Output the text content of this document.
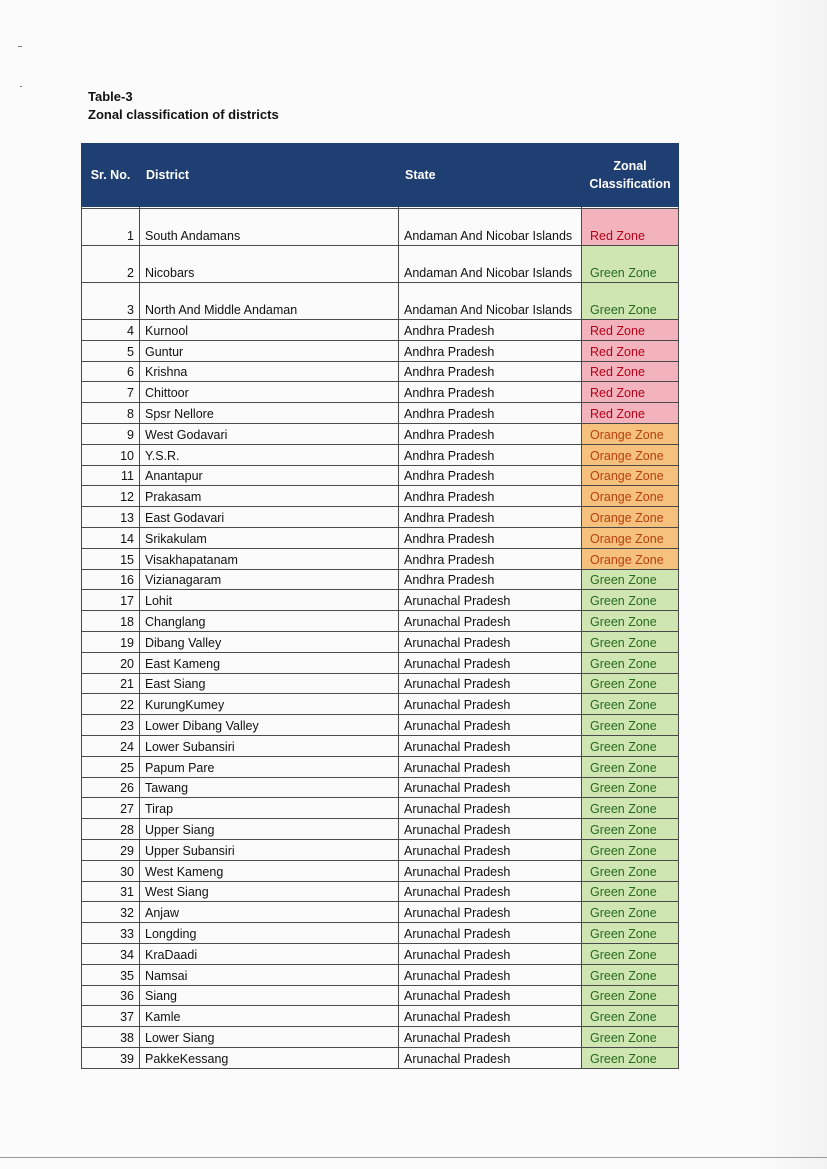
Table-3
Zonal classification of districts
Sr. No.	District	State	Zonal
Classification

1	South Andamans	Andaman And Nicobar Islands	Red Zone
2	Nicobars	Andaman And Nicobar Islands	Green Zone
3	North And Middle Andaman	Andaman And Nicobar Islands	Green Zone
4	Kurnool	Andhra Pradesh	Red Zone
5	Guntur	Andhra Pradesh	Red Zone
6	Krishna	Andhra Pradesh	Red Zone
7	Chittoor	Andhra Pradesh	Red Zone
8	Spsr Nellore	Andhra Pradesh	Red Zone
9	West Godavari	Andhra Pradesh	Orange Zone
10	Y.S.R.	Andhra Pradesh	Orange Zone
11	Anantapur	Andhra Pradesh	Orange Zone
12	Prakasam	Andhra Pradesh	Orange Zone
13	East Godavari	Andhra Pradesh	Orange Zone
14	Srikakulam	Andhra Pradesh	Orange Zone
15	Visakhapatanam	Andhra Pradesh	Orange Zone
16	Vizianagaram	Andhra Pradesh	Green Zone
17	Lohit	Arunachal Pradesh	Green Zone
18	Changlang	Arunachal Pradesh	Green Zone
19	Dibang Valley	Arunachal Pradesh	Green Zone
20	East Kameng	Arunachal Pradesh	Green Zone
21	East Siang	Arunachal Pradesh	Green Zone
22	KurungKumey	Arunachal Pradesh	Green Zone
23	Lower Dibang Valley	Arunachal Pradesh	Green Zone
24	Lower Subansiri	Arunachal Pradesh	Green Zone
25	Papum Pare	Arunachal Pradesh	Green Zone
26	Tawang	Arunachal Pradesh	Green Zone
27	Tirap	Arunachal Pradesh	Green Zone
28	Upper Siang	Arunachal Pradesh	Green Zone
29	Upper Subansiri	Arunachal Pradesh	Green Zone
30	West Kameng	Arunachal Pradesh	Green Zone
31	West Siang	Arunachal Pradesh	Green Zone
32	Anjaw	Arunachal Pradesh	Green Zone
33	Longding	Arunachal Pradesh	Green Zone
34	KraDaadi	Arunachal Pradesh	Green Zone
35	Namsai	Arunachal Pradesh	Green Zone
36	Siang	Arunachal Pradesh	Green Zone
37	Kamle	Arunachal Pradesh	Green Zone
38	Lower Siang	Arunachal Pradesh	Green Zone
39	PakkeKessang	Arunachal Pradesh	Green Zone
